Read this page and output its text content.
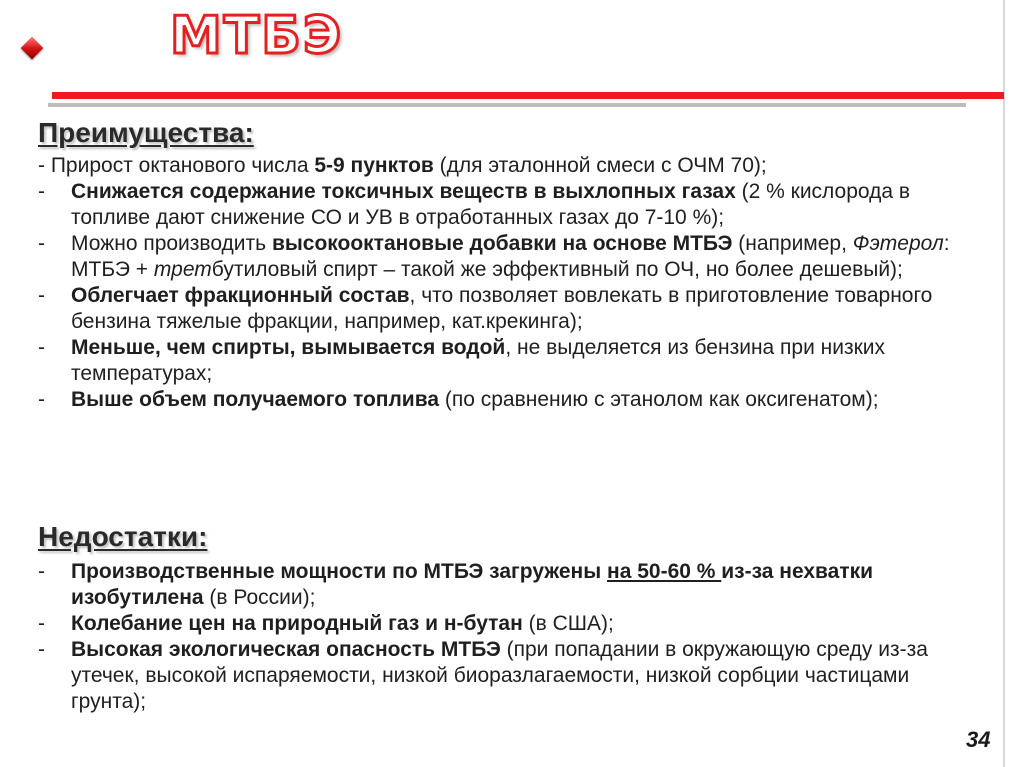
МТБЭ
Преимущества:
- Прирост октанового числа 5-9 пунктов (для эталонной смеси с ОЧМ 70);
- Снижается содержание токсичных веществ в выхлопных газах (2 % кислорода в топливе дают снижение СО и УВ в отработанных газах до 7-10 %);
- Можно производить высокооктановые добавки на основе МТБЭ (например, Фэтерол: МТБЭ + третбутиловый спирт – такой же эффективный по ОЧ, но более дешевый);
- Облегчает фракционный состав, что позволяет вовлекать в приготовление товарного бензина тяжелые фракции, например, кат.крекинга);
- Меньше, чем спирты, вымывается водой, не выделяется из бензина при низких температурах;
- Выше объем получаемого топлива (по сравнению с этанолом как оксигенатом);
Недостатки:
- Производственные мощности по МТБЭ загружены на 50-60 % из-за нехватки изобутилена (в России);
- Колебание цен на природный газ и н-бутан (в США);
- Высокая экологическая опасность МТБЭ (при попадании в окружающую среду из-за утечек, высокой испаряемости, низкой биоразлагаемости, низкой сорбции частицами грунта);
34
